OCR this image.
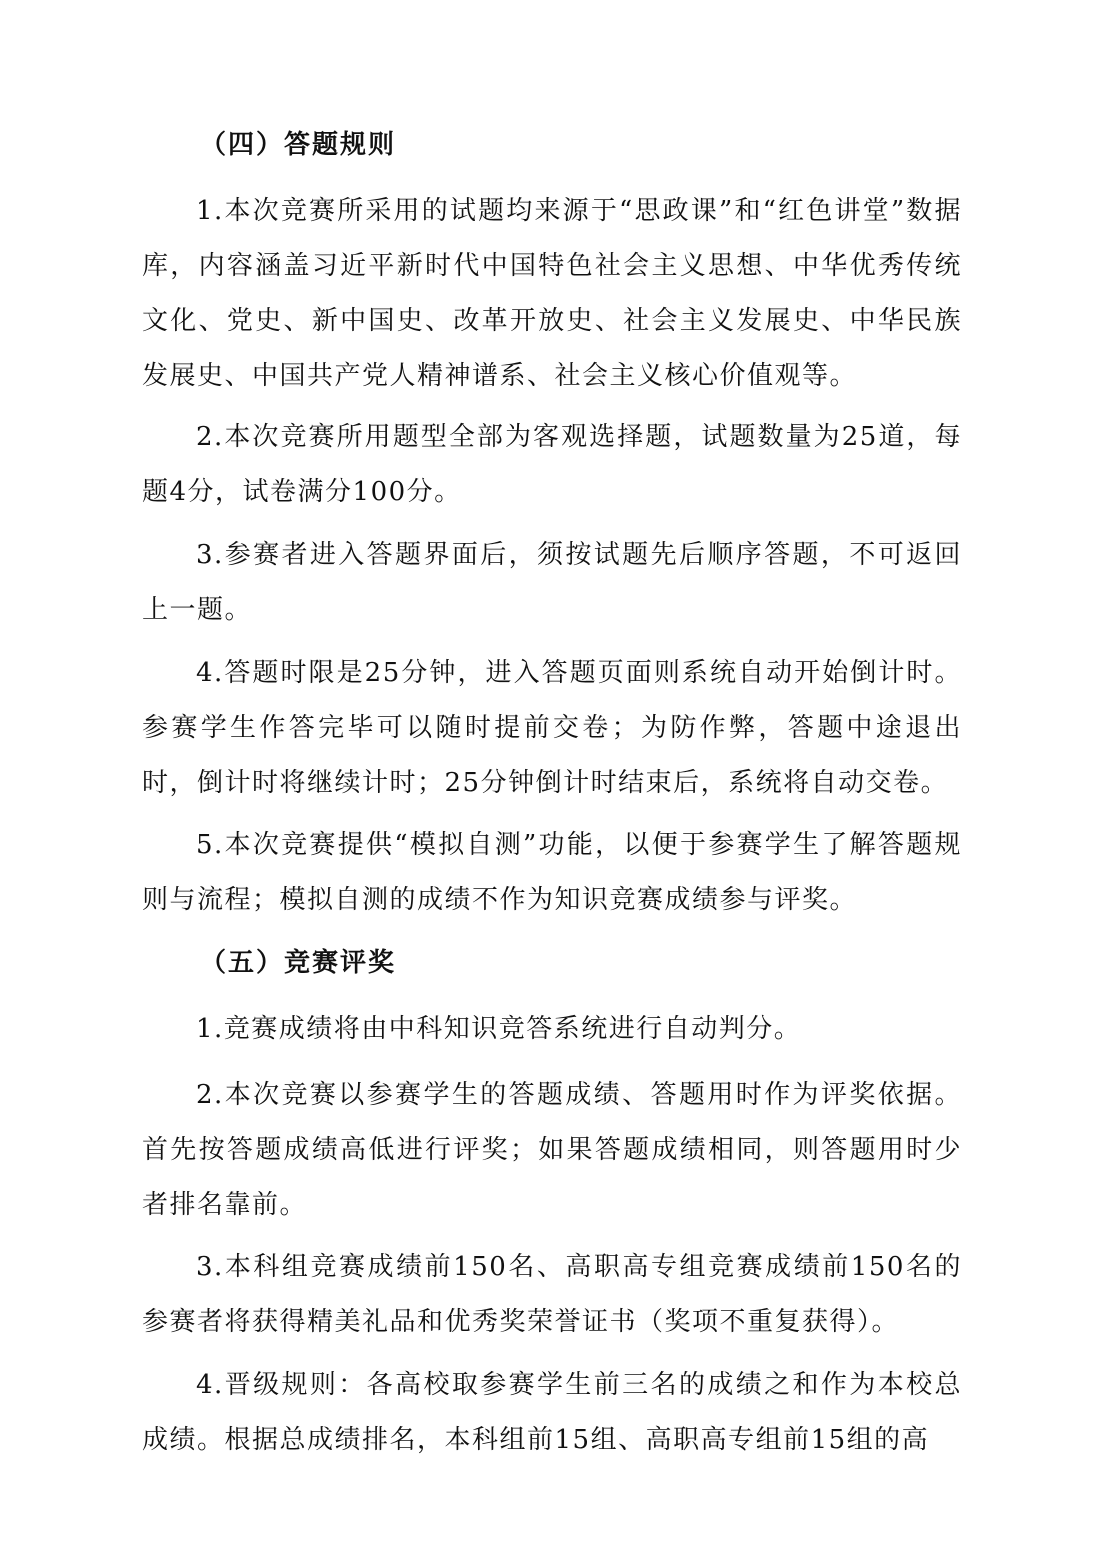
（四）答题规则

1.本次竞赛所采用的试题均来源于“思政课”和“红色讲堂”数据库，内容涵盖习近平新时代中国特色社会主义思想、中华优秀传统文化、党史、新中国史、改革开放史、社会主义发展史、中华民族发展史、中国共产党人精神谱系、社会主义核心价值观等。

2.本次竞赛所用题型全部为客观选择题，试题数量为25道，每题4分，试卷满分100分。

3.参赛者进入答题界面后，须按试题先后顺序答题，不可返回上一题。

4.答题时限是25分钟，进入答题页面则系统自动开始倒计时。参赛学生作答完毕可以随时提前交卷；为防作弊，答题中途退出时，倒计时将继续计时；25分钟倒计时结束后，系统将自动交卷。

5.本次竞赛提供“模拟自测”功能，以便于参赛学生了解答题规则与流程；模拟自测的成绩不作为知识竞赛成绩参与评奖。

（五）竞赛评奖

1.竞赛成绩将由中科知识竞答系统进行自动判分。

2.本次竞赛以参赛学生的答题成绩、答题用时作为评奖依据。首先按答题成绩高低进行评奖；如果答题成绩相同，则答题用时少者排名靠前。

3.本科组竞赛成绩前150名、高职高专组竞赛成绩前150名的参赛者将获得精美礼品和优秀奖荣誉证书（奖项不重复获得）。

4.晋级规则：各高校取参赛学生前三名的成绩之和作为本校总成绩。根据总成绩排名，本科组前15组、高职高专组前15组的高
